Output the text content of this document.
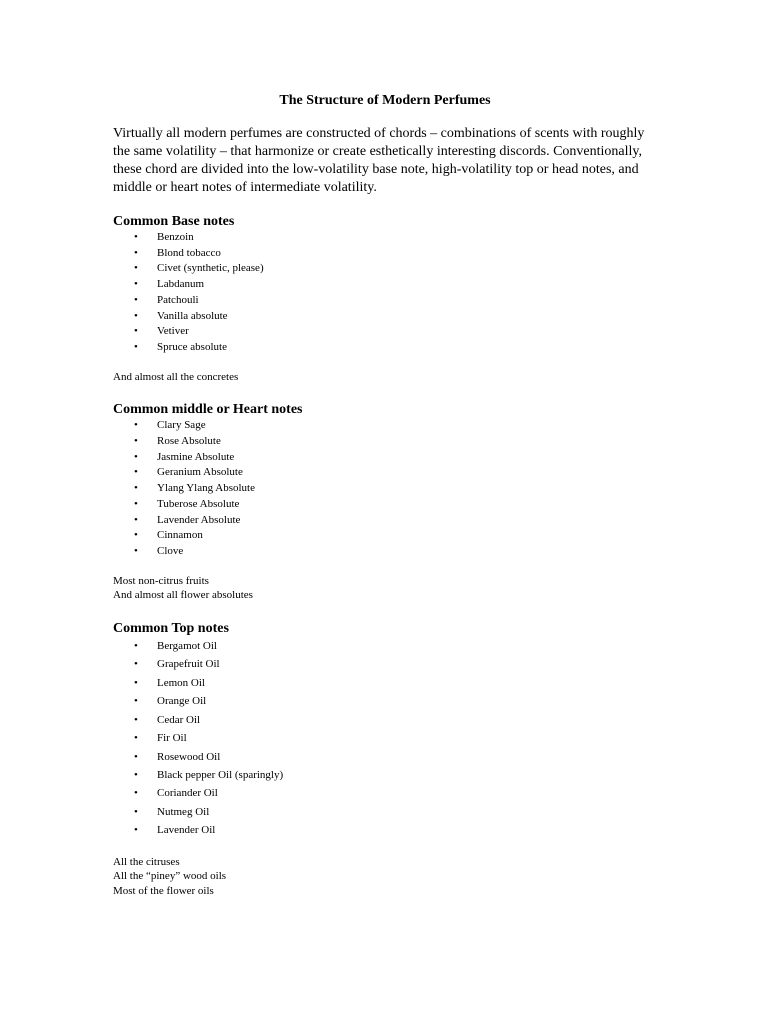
The Structure of Modern Perfumes

Virtually all modern perfumes are constructed of chords – combinations of scents with roughly the same volatility – that harmonize or create esthetically interesting discords. Conventionally, these chord are divided into the low-volatility base note, high-volatility top or head notes, and middle or heart notes of intermediate volatility.

Common Base notes
• Benzoin
• Blond tobacco
• Civet (synthetic, please)
• Labdanum
• Patchouli
• Vanilla absolute
• Vetiver
• Spruce absolute

And almost all the concretes

Common middle or Heart notes
• Clary Sage
• Rose Absolute
• Jasmine Absolute
• Geranium Absolute
• Ylang Ylang Absolute
• Tuberose Absolute
• Lavender Absolute
• Cinnamon
• Clove

Most non-citrus fruits

And almost all flower absolutes

Common Top notes
• Bergamot Oil
• Grapefruit Oil
• Lemon Oil
• Orange Oil
• Cedar Oil
• Fir Oil
• Rosewood Oil
• Black pepper Oil (sparingly)
• Coriander Oil
• Nutmeg Oil
• Lavender Oil

All the citruses

All the “piney” wood oils

Most of the flower oils
